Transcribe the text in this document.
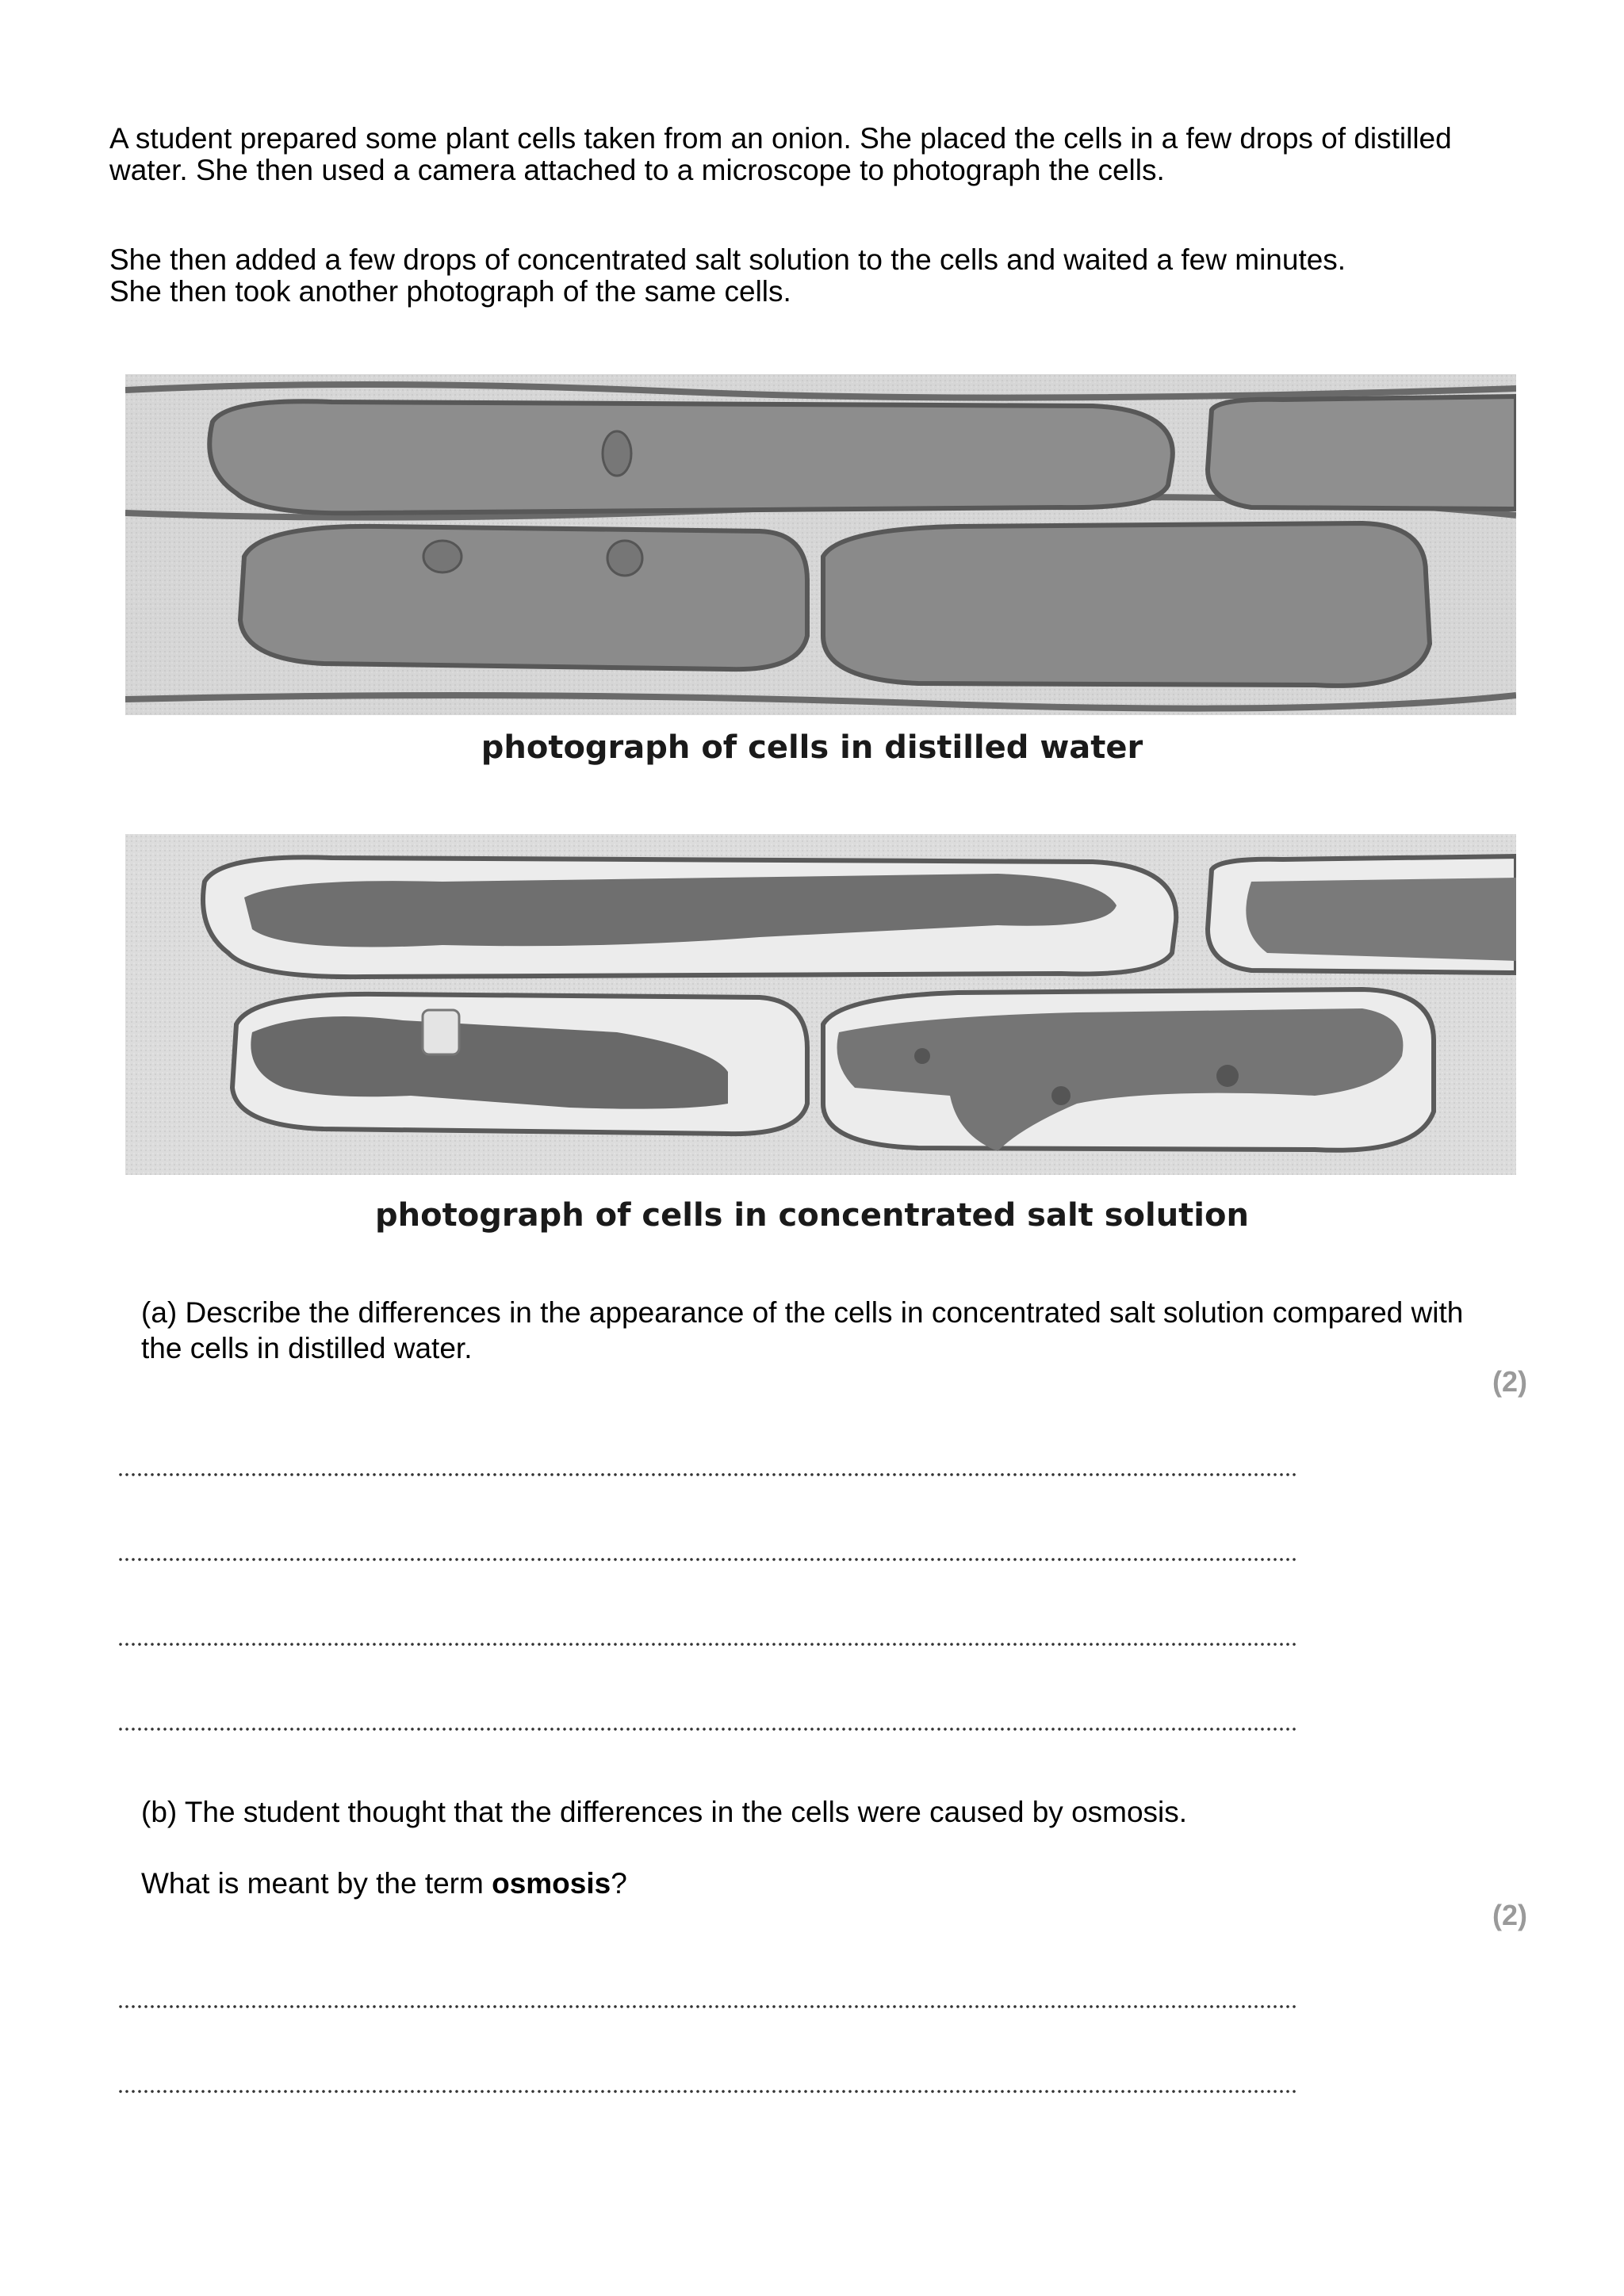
A student prepared some plant cells taken from an onion. She placed the cells in a few drops of distilled

water. She then used a camera attached to a microscope to photograph the cells.

She then added a few drops of concentrated salt solution to the cells and waited a few minutes.

She then took another photograph of the same cells.

photograph of cells in distilled water
photograph of cells in concentrated salt solution

(a) Describe the differences in the appearance of the cells in concentrated salt solution compared with

the cells in distilled water.

(2)

(b) The student thought that the differences in the cells were caused by osmosis.

What is meant by the term osmosis?

(2)
